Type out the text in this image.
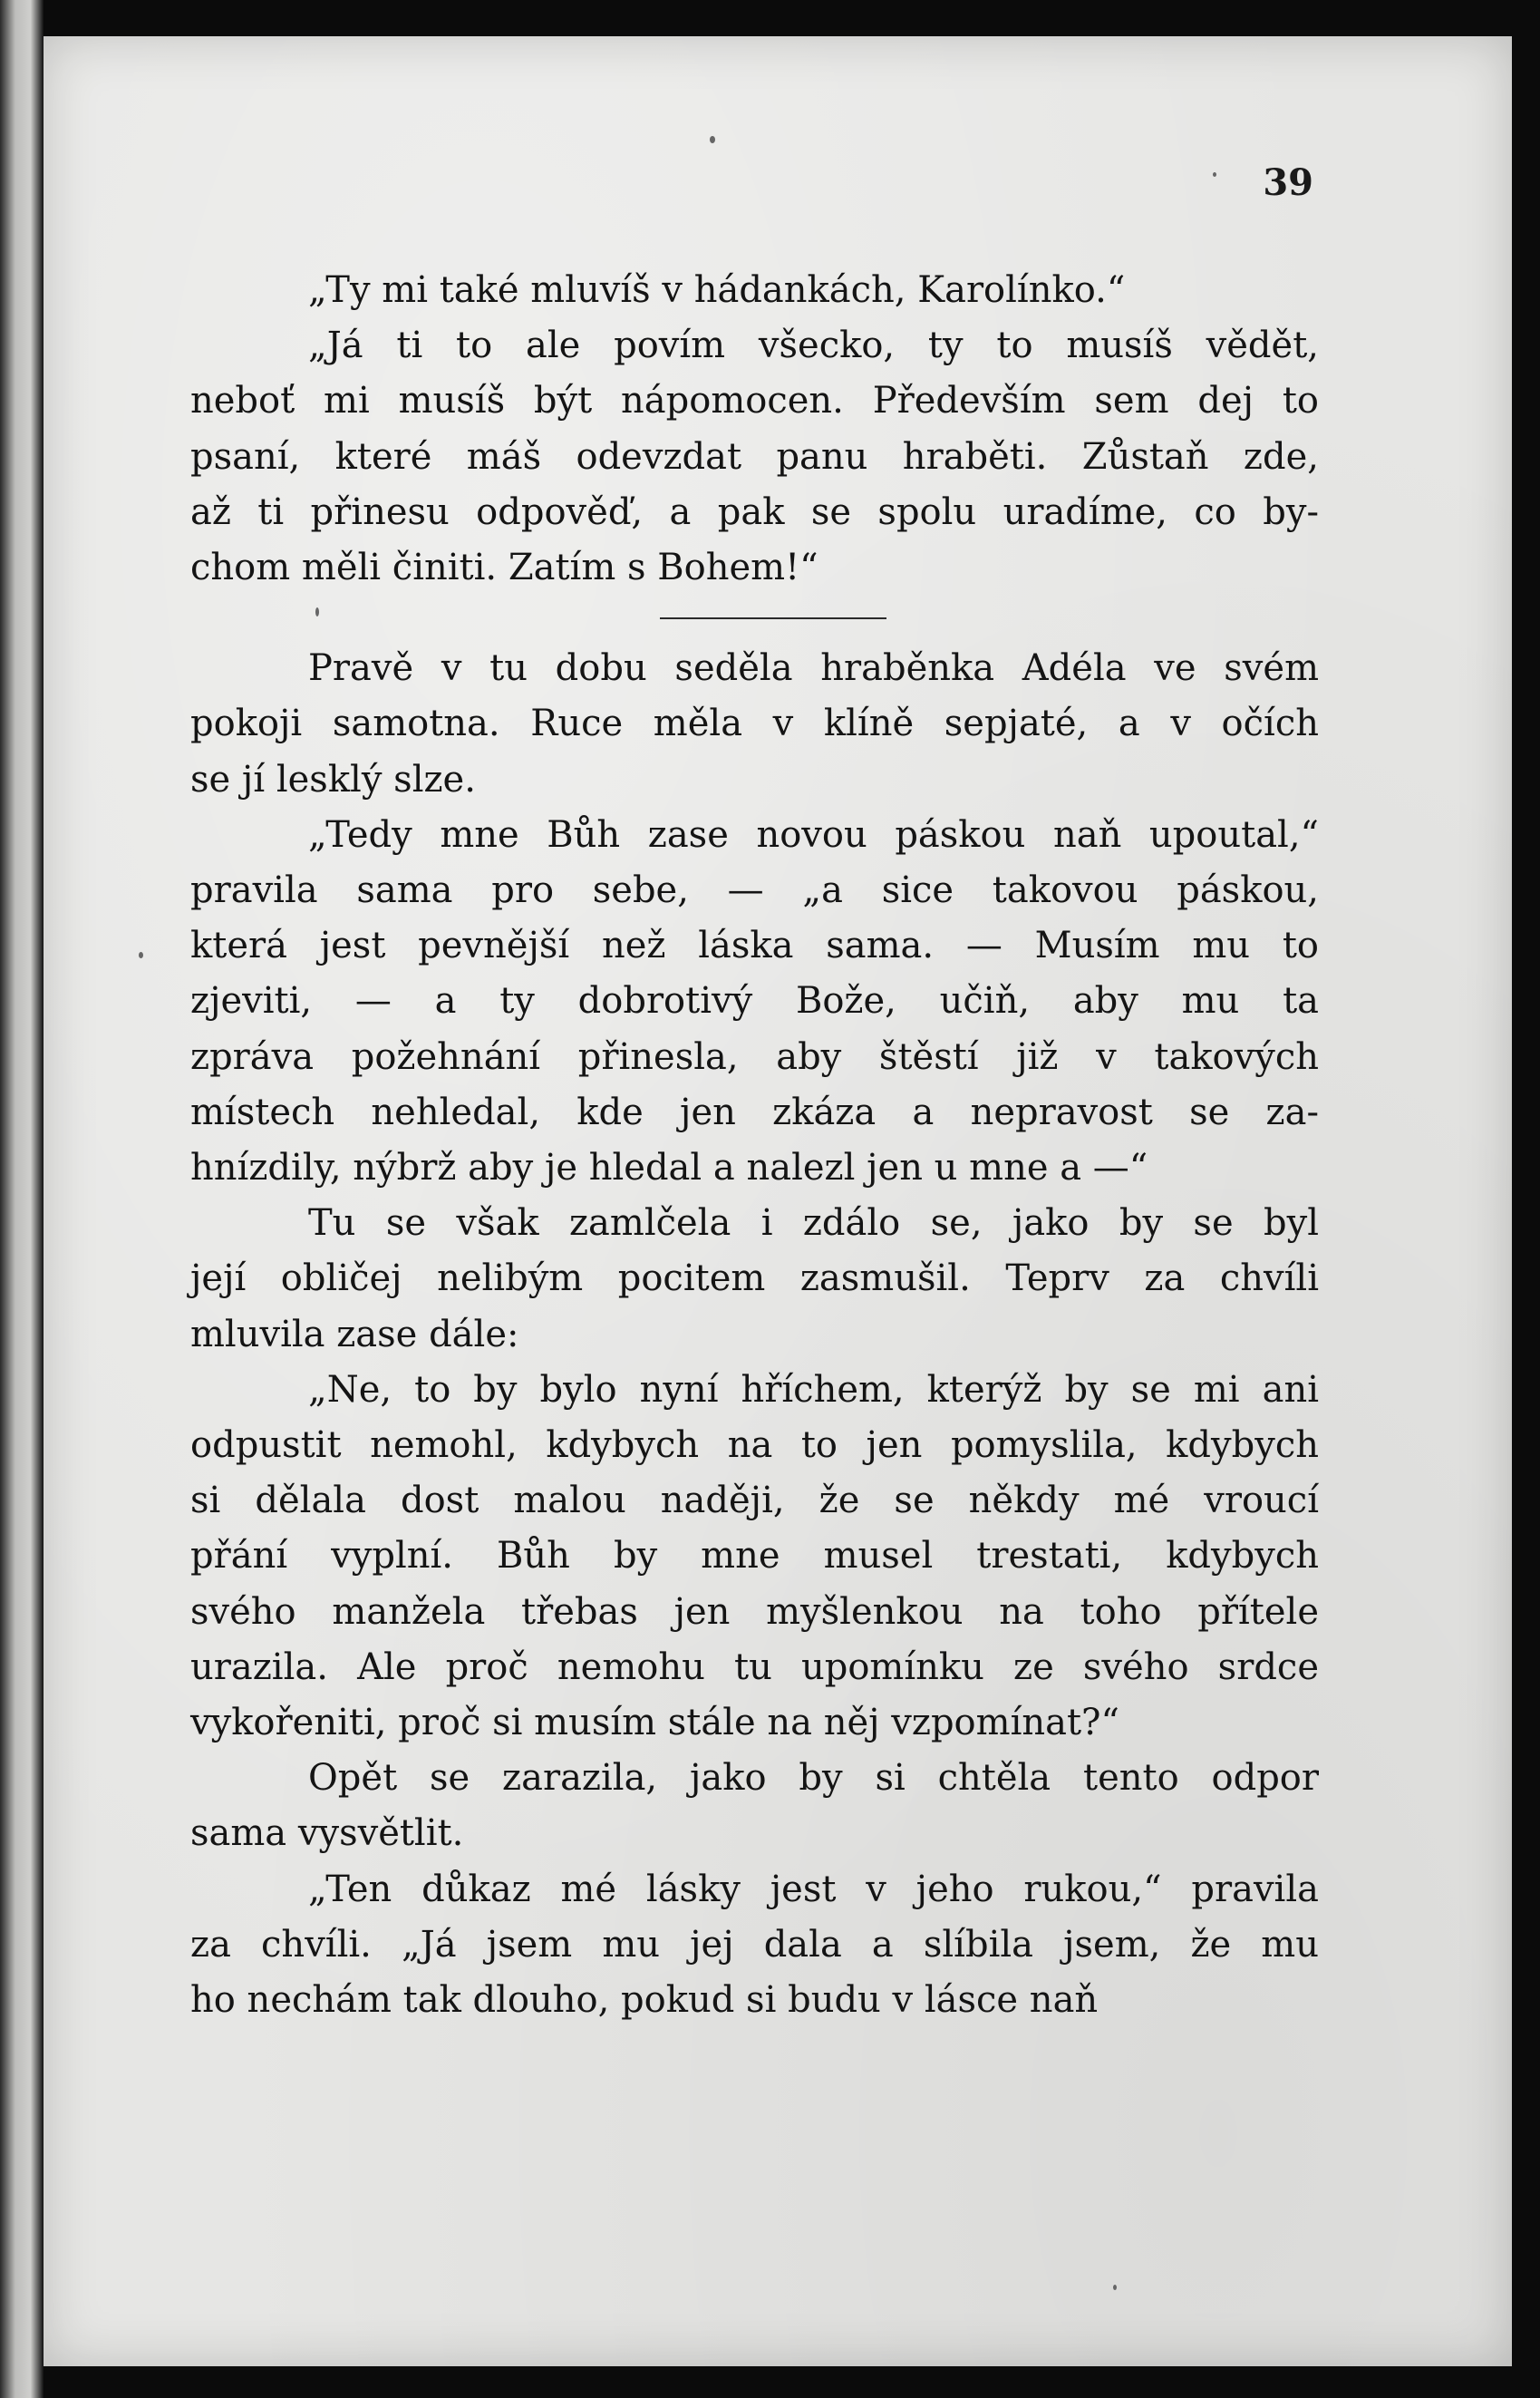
39
„Ty mi také mluvíš v hádankách, Karolínko.“
„Já ti to ale povím všecko, ty to musíš vědět,
neboť mi musíš být nápomocen. Především sem dej to
psaní, které máš odevzdat panu hraběti. Zůstaň zde,
až ti přinesu odpověď, a pak se spolu uradíme, co by-
chom měli činiti. Zatím s Bohem!“
Pravě v tu dobu seděla hraběnka Adéla ve svém
pokoji samotna. Ruce měla v klíně sepjaté, a v očích
se jí lesklý slze.
„Tedy mne Bůh zase novou páskou naň upoutal,“
pravila sama pro sebe, — „a sice takovou páskou,
která jest pevnější než láska sama. — Musím mu to
zjeviti, — a ty dobrotivý Bože, učiň, aby mu ta
zpráva požehnání přinesla, aby štěstí již v takových
místech nehledal, kde jen zkáza a nepravost se za-
hnízdily, nýbrž aby je hledal a nalezl jen u mne a —“
Tu se však zamlčela i zdálo se, jako by se byl
její obličej nelibým pocitem zasmušil. Teprv za chvíli
mluvila zase dále:
„Ne, to by bylo nyní hříchem, kterýž by se mi ani
odpustit nemohl, kdybych na to jen pomyslila, kdybych
si dělala dost malou naději, že se někdy mé vroucí
přání vyplní. Bůh by mne musel trestati, kdybych
svého manžela třebas jen myšlenkou na toho přítele
urazila. Ale proč nemohu tu upomínku ze svého srdce
vykořeniti, proč si musím stále na něj vzpomínat?“
Opět se zarazila, jako by si chtěla tento odpor
sama vysvětlit.
„Ten důkaz mé lásky jest v jeho rukou,“ pravila
za chvíli. „Já jsem mu jej dala a slíbila jsem, že mu
ho nechám tak dlouho, pokud si budu v lásce naň
